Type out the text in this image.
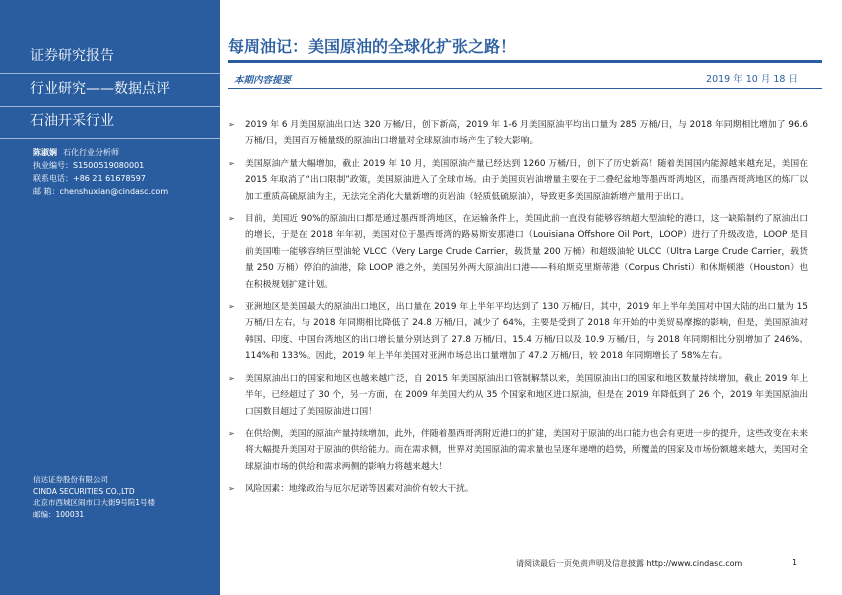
证券研究报告
行业研究——数据点评
石油开采行业
陈淑娴 石化行业分析师
执业编号：S1500519080001
联系电话：+86 21 61678597
邮 箱：chenshuxian@cindasc.com
信达证券股份有限公司
CINDA SECURITIES CO.,LTD
北京市西城区闹市口大街9号院1号楼
邮编：100031
每周油记：美国原油的全球化扩张之路！
本期内容提要	2019 年 10 月 18 日
➢ 2019 年 6 月美国原油出口达 320 万桶/日，创下新高，2019 年 1-6 月美国原油平均出口量为 285 万桶/日，与 2018 年同期相比增加了 96.6 万桶/日，美国百万桶量级的原油出口增量对全球原油市场产生了较大影响。
➢ 美国原油产量大幅增加，截止 2019 年 10 月，美国原油产量已经达到 1260 万桶/日，创下了历史新高！随着美国国内能源越来越充足，美国在 2015 年取消了“出口限制”政策，美国原油进入了全球市场。由于美国页岩油增量主要在于二叠纪盆地等墨西哥湾地区，而墨西哥湾地区的炼厂以加工重质高硫原油为主，无法完全消化大量新增的页岩油（轻质低硫原油），导致更多美国原油新增产量用于出口。
➢ 目前，美国近 90%的原油出口都是通过墨西哥湾地区，在运输条件上，美国此前一直没有能够容纳超大型油轮的港口，这一缺陷制约了原油出口的增长，于是在 2018 年年初，美国对位于墨西哥湾的路易斯安那港口（Louisiana Offshore Oil Port，LOOP）进行了升级改造，LOOP 是目前美国唯一能够容纳巨型油轮 VLCC（Very Large Crude Carrier，载货量 200 万桶）和超级油轮 ULCC（Ultra Large Crude Carrier，载货量 250 万桶）停泊的油港，除 LOOP 港之外，美国另外两大原油出口港——科珀斯克里斯蒂港（Corpus Christi）和休斯顿港（Houston）也在积极规划扩建计划。
➢ 亚洲地区是美国最大的原油出口地区，出口量在 2019 年上半年平均达到了 130 万桶/日，其中，2019 年上半年美国对中国大陆的出口量为 15 万桶/日左右，与 2018 年同期相比降低了 24.8 万桶/日，减少了 64%，主要是受到了 2018 年开始的中美贸易摩擦的影响，但是，美国原油对韩国、印度、中国台湾地区的出口增长量分别达到了 27.8 万桶/日、15.4 万桶/日以及 10.9 万桶/日，与 2018 年同期相比分别增加了 246%、114%和 133%。因此，2019 年上半年美国对亚洲市场总出口量增加了 47.2 万桶/日，较 2018 年同期增长了 58%左右。
➢ 美国原油出口的国家和地区也越来越广泛，自 2015 年美国原油出口管制解禁以来，美国原油出口的国家和地区数量持续增加，截止 2019 年上半年，已经超过了 30 个，另一方面，在 2009 年美国大约从 35 个国家和地区进口原油，但是在 2019 年降低到了 26 个，2019 年美国原油出口国数目超过了美国原油进口国！
➢ 在供给侧，美国的原油产量持续增加，此外，伴随着墨西哥湾附近港口的扩建，美国对于原油的出口能力也会有更进一步的提升，这些改变在未来将大幅提升美国对于原油的供给能力。而在需求侧，世界对美国原油的需求量也呈逐年递增的趋势，所覆盖的国家及市场份额越来越大，美国对全球原油市场的供给和需求两侧的影响力将越来越大！
➢ 风险因素：地缘政治与厄尔尼诺等因素对油价有较大干扰。
请阅读最后一页免责声明及信息披露 http://www.cindasc.com	1
